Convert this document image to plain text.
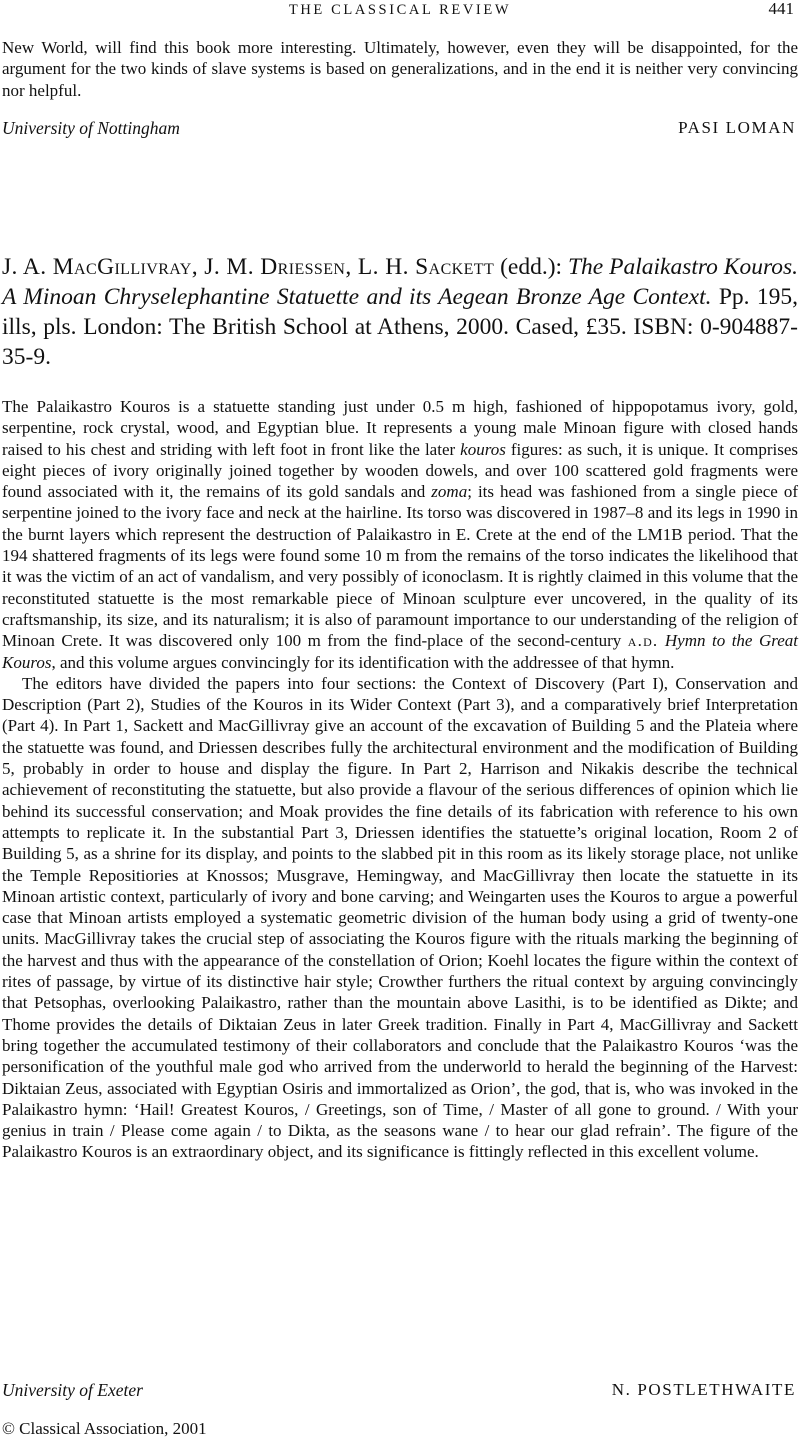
THE CLASSICAL REVIEW	441

New World, will find this book more interesting. Ultimately, however, even they will be disappointed, for the argument for the two kinds of slave systems is based on generalizations, and in the end it is neither very convincing nor helpful.

University of Nottingham	PASI LOMAN
J. A. MacGillivray, J. M. Driessen, L. H. Sackett (edd.): The Palaikastro Kouros. A Minoan Chryselephantine Statuette and its Aegean Bronze Age Context. Pp. 195, ills, pls. London: The British School at Athens, 2000. Cased, £35. ISBN: 0-904887-35-9.

The Palaikastro Kouros is a statuette standing just under 0.5 m high, fashioned of hippopotamus ivory, gold, serpentine, rock crystal, wood, and Egyptian blue. It represents a young male Minoan figure with closed hands raised to his chest and striding with left foot in front like the later kouros figures: as such, it is unique. It comprises eight pieces of ivory originally joined together by wooden dowels, and over 100 scattered gold fragments were found associated with it, the remains of its gold sandals and zoma; its head was fashioned from a single piece of serpentine joined to the ivory face and neck at the hairline. Its torso was discovered in 1987–8 and its legs in 1990 in the burnt layers which represent the destruction of Palaikastro in E. Crete at the end of the LM1B period. That the 194 shattered fragments of its legs were found some 10 m from the remains of the torso indicates the likelihood that it was the victim of an act of vandalism, and very possibly of iconoclasm. It is rightly claimed in this volume that the reconstituted statuette is the most remarkable piece of Minoan sculpture ever uncovered, in the quality of its craftsmanship, its size, and its naturalism; it is also of paramount importance to our understanding of the religion of Minoan Crete. It was discovered only 100 m from the find-place of the second-century a.d. Hymn to the Great Kouros, and this volume argues convincingly for its identification with the addressee of that hymn.

The editors have divided the papers into four sections: the Context of Discovery (Part I), Conservation and Description (Part 2), Studies of the Kouros in its Wider Context (Part 3), and a comparatively brief Interpretation (Part 4). In Part 1, Sackett and MacGillivray give an account of the excavation of Building 5 and the Plateia where the statuette was found, and Driessen describes fully the architectural environment and the modification of Building 5, probably in order to house and display the figure. In Part 2, Harrison and Nikakis describe the technical achievement of reconstituting the statuette, but also provide a flavour of the serious differences of opinion which lie behind its successful conservation; and Moak provides the fine details of its fabrication with reference to his own attempts to replicate it. In the substantial Part 3, Driessen identifies the statuette’s original location, Room 2 of Building 5, as a shrine for its display, and points to the slabbed pit in this room as its likely storage place, not unlike the Temple Repositiories at Knossos; Musgrave, Hemingway, and MacGillivray then locate the statuette in its Minoan artistic context, particularly of ivory and bone carving; and Weingarten uses the Kouros to argue a powerful case that Minoan artists employed a systematic geometric division of the human body using a grid of twenty-one units. MacGillivray takes the crucial step of associating the Kouros figure with the rituals marking the beginning of the harvest and thus with the appearance of the constellation of Orion; Koehl locates the figure within the context of rites of passage, by virtue of its distinctive hair style; Crowther furthers the ritual context by arguing convincingly that Petsophas, overlooking Palaikastro, rather than the mountain above Lasithi, is to be identified as Dikte; and Thome provides the details of Diktaian Zeus in later Greek tradition. Finally in Part 4, MacGillivray and Sackett bring together the accumulated testimony of their collaborators and conclude that the Palaikastro Kouros ‘was the personification of the youthful male god who arrived from the underworld to herald the beginning of the Harvest: Diktaian Zeus, associated with Egyptian Osiris and immortalized as Orion’, the god, that is, who was invoked in the Palaikastro hymn: ‘Hail! Greatest Kouros, / Greetings, son of Time, / Master of all gone to ground. / With your genius in train / Please come again / to Dikta, as the seasons wane / to hear our glad refrain’. The figure of the Palaikastro Kouros is an extraordinary object, and its significance is fittingly reflected in this excellent volume.

University of Exeter	N. POSTLETHWAITE
© Classical Association, 2001
